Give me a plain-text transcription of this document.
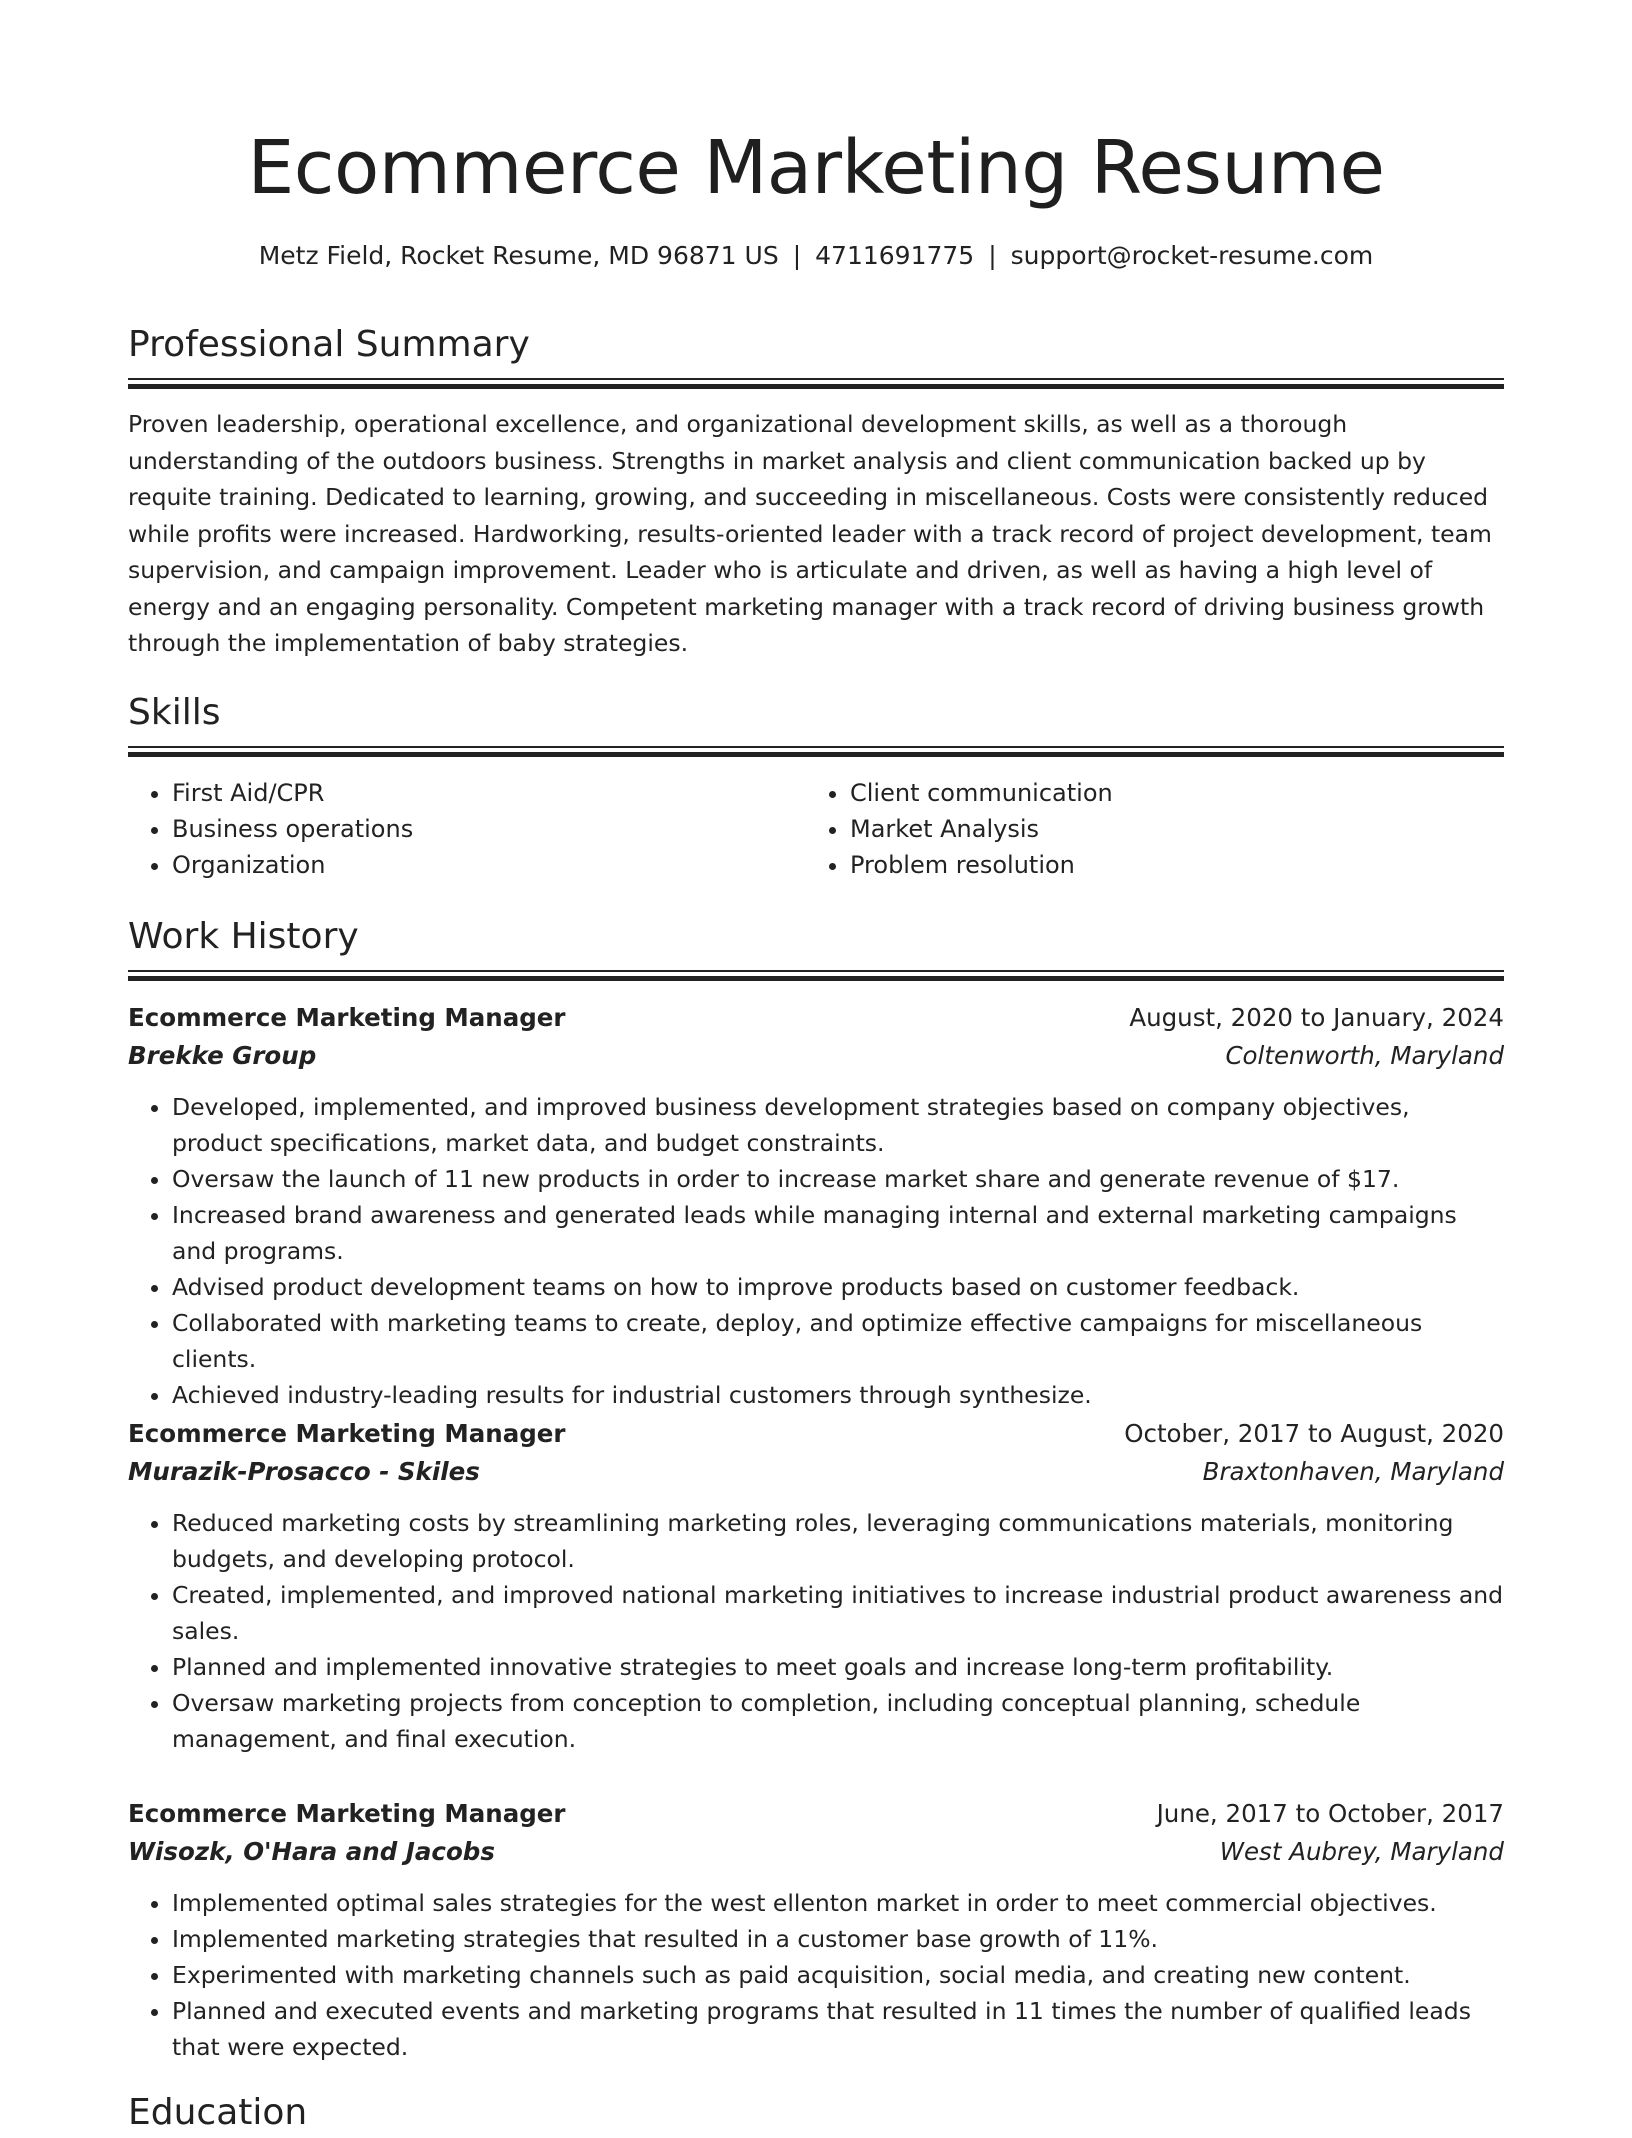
Ecommerce Marketing Resume
Metz Field, Rocket Resume, MD 96871 US | 4711691775 | support@rocket-resume.com
Professional Summary

Proven leadership, operational excellence, and organizational development skills, as well as a thorough understanding of the outdoors business. Strengths in market analysis and client communication backed up by requite training. Dedicated to learning, growing, and succeeding in miscellaneous. Costs were consistently reduced while profits were increased. Hardworking, results-oriented leader with a track record of project development, team supervision, and campaign improvement. Leader who is articulate and driven, as well as having a high level of energy and an engaging personality. Competent marketing manager with a track record of driving business growth through the implementation of baby strategies.

Skills
• First Aid/CPR
• Business operations
• Organization
• Client communication
• Market Analysis
• Problem resolution
Work History
Ecommerce Marketing Manager	August, 2020 to January, 2024
Brekke Group	Coltenworth, Maryland
• Developed, implemented, and improved business development strategies based on company objectives, product specifications, market data, and budget constraints.
• Oversaw the launch of 11 new products in order to increase market share and generate revenue of $17.
• Increased brand awareness and generated leads while managing internal and external marketing campaigns and programs.
• Advised product development teams on how to improve products based on customer feedback.
• Collaborated with marketing teams to create, deploy, and optimize effective campaigns for miscellaneous clients.
• Achieved industry-leading results for industrial customers through synthesize.
Ecommerce Marketing Manager	October, 2017 to August, 2020
Murazik-Prosacco - Skiles	Braxtonhaven, Maryland
• Reduced marketing costs by streamlining marketing roles, leveraging communications materials, monitoring budgets, and developing protocol.
• Created, implemented, and improved national marketing initiatives to increase industrial product awareness and sales.
• Planned and implemented innovative strategies to meet goals and increase long-term profitability.
• Oversaw marketing projects from conception to completion, including conceptual planning, schedule management, and final execution.
Ecommerce Marketing Manager	June, 2017 to October, 2017
Wisozk, O'Hara and Jacobs	West Aubrey, Maryland
• Implemented optimal sales strategies for the west ellenton market in order to meet commercial objectives.
• Implemented marketing strategies that resulted in a customer base growth of 11%.
• Experimented with marketing channels such as paid acquisition, social media, and creating new content.
• Planned and executed events and marketing programs that resulted in 11 times the number of qualified leads that were expected.
Education
